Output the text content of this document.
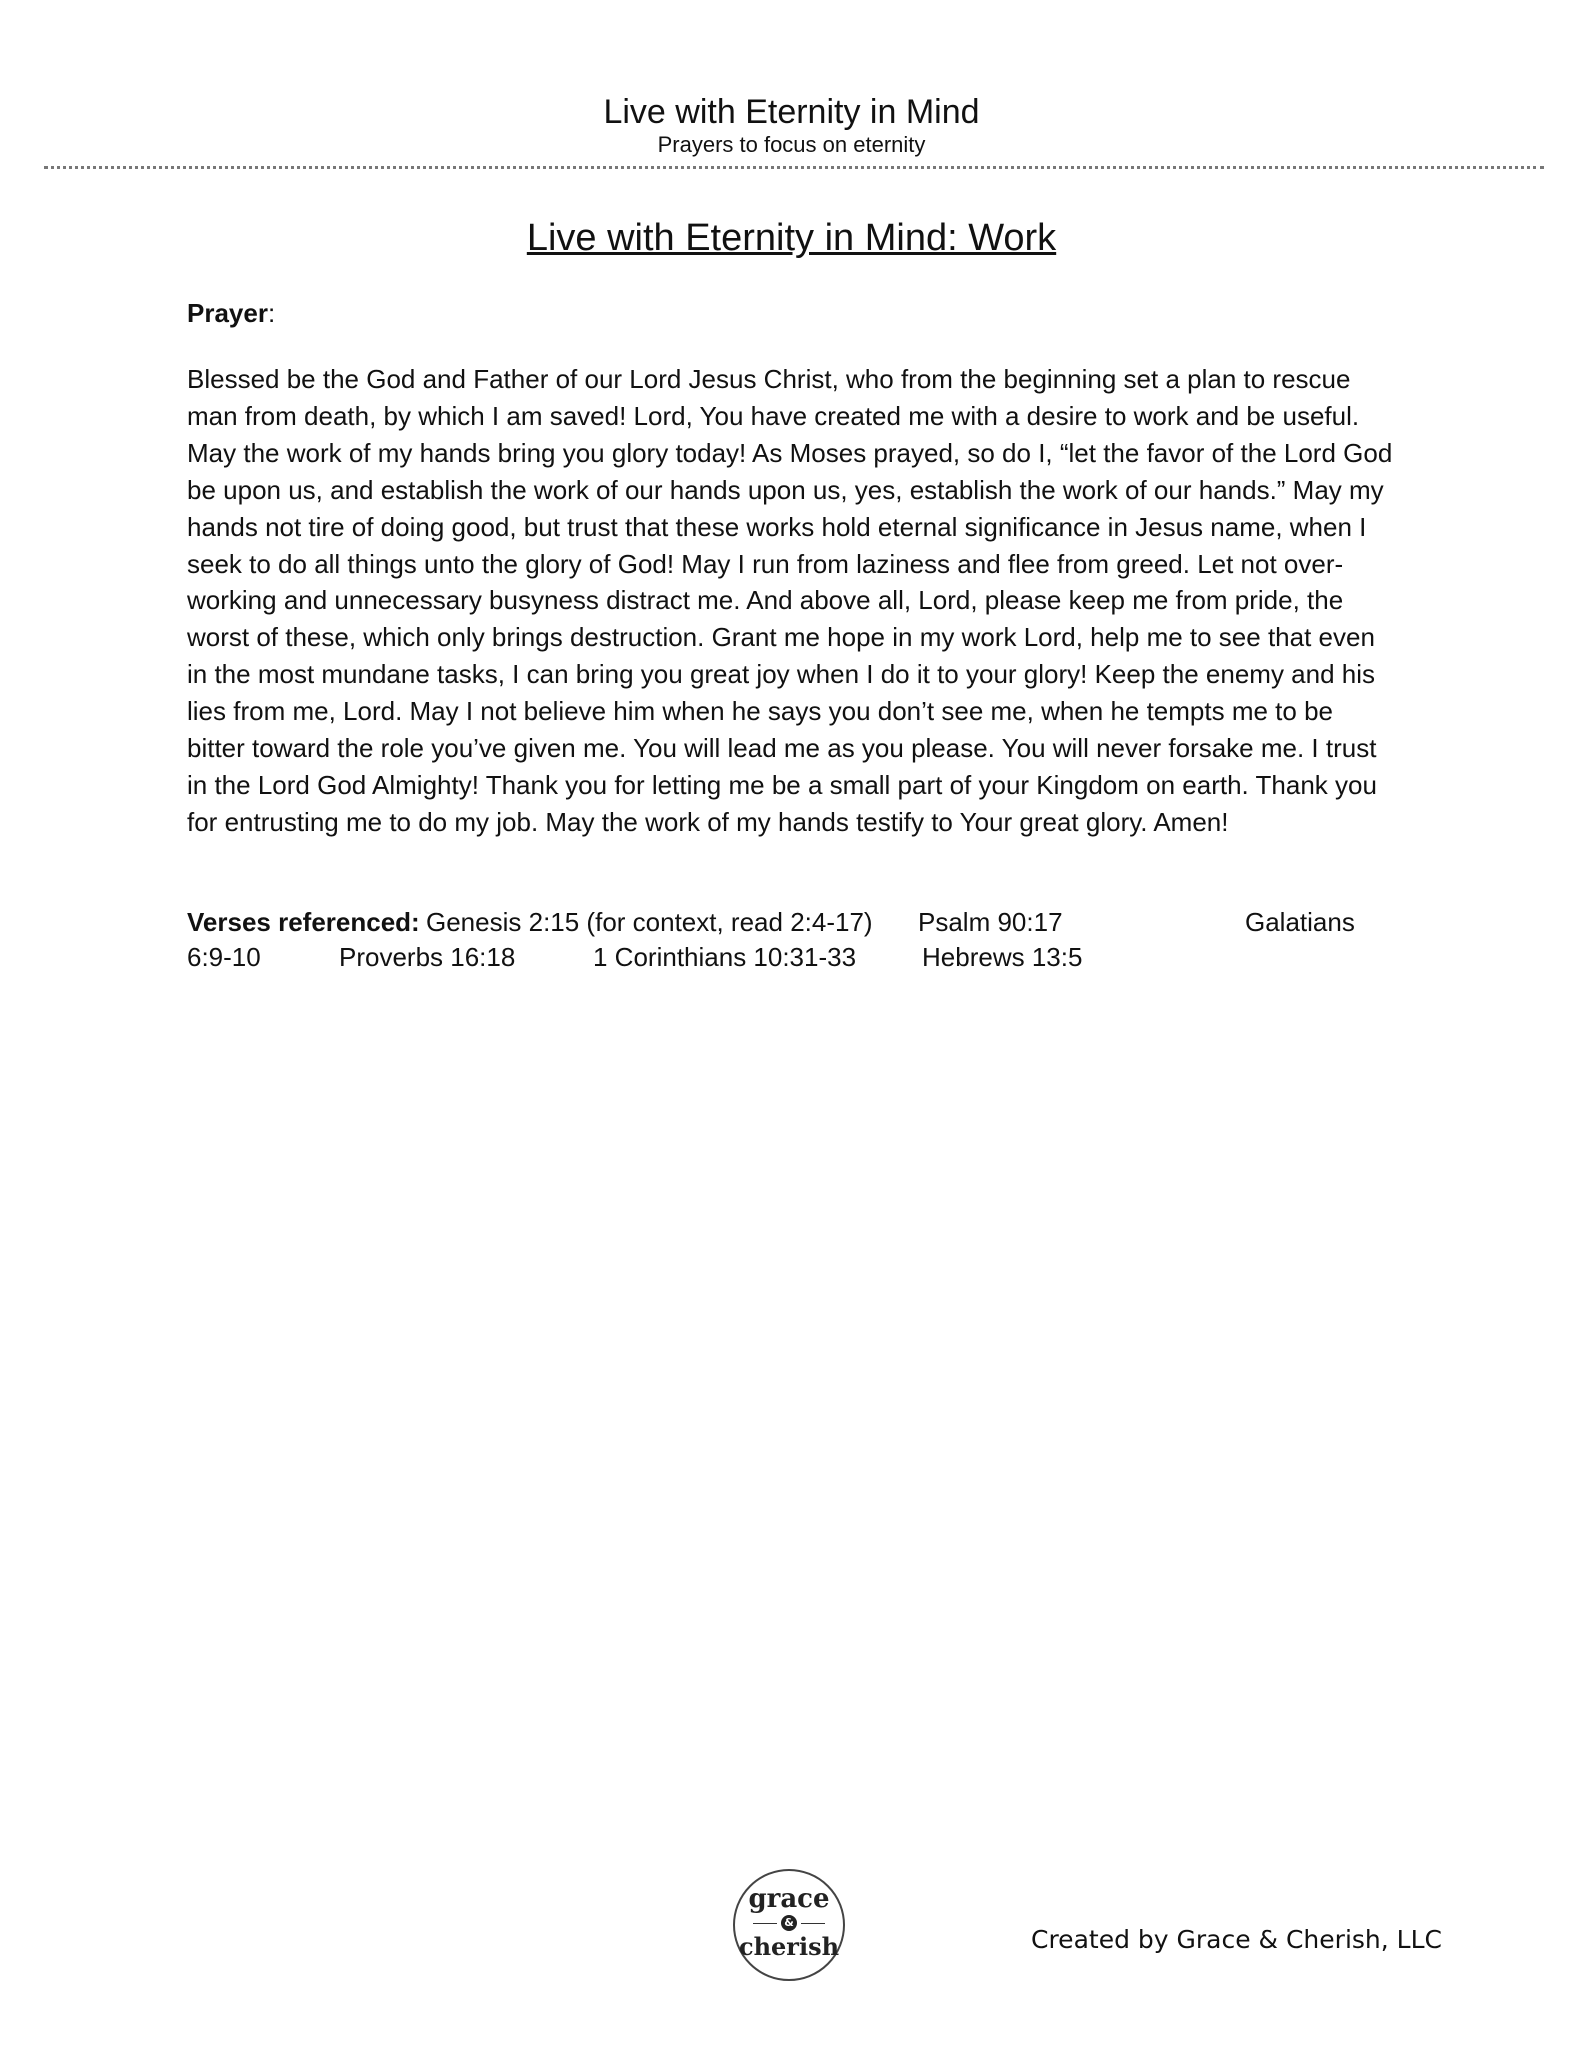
Live with Eternity in Mind
Prayers to focus on eternity
Live with Eternity in Mind: Work
Prayer:

Blessed be the God and Father of our Lord Jesus Christ, who from the beginning set a plan to rescue man from death, by which I am saved! Lord, You have created me with a desire to work and be useful. May the work of my hands bring you glory today! As Moses prayed, so do I, “let the favor of the Lord God be upon us, and establish the work of our hands upon us, yes, establish the work of our hands.” May my hands not tire of doing good, but trust that these works hold eternal significance in Jesus name, when I seek to do all things unto the glory of God! May I run from laziness and flee from greed. Let not over-working and unnecessary busyness distract me. And above all, Lord, please keep me from pride, the worst of these, which only brings destruction. Grant me hope in my work Lord, help me to see that even in the most mundane tasks, I can bring you great joy when I do it to your glory! Keep the enemy and his lies from me, Lord. May I not believe him when he says you don’t see me, when he tempts me to be bitter toward the role you’ve given me. You will lead me as you please. You will never forsake me. I trust in the Lord God Almighty! Thank you for letting me be a small part of your Kingdom on earth. Thank you for entrusting me to do my job. May the work of my hands testify to Your great glory. Amen!

Verses referenced: Genesis 2:15 (for context, read 2:4-17) Psalm 90:17	Galatians
6:9-10	Proverbs 16:18	1 Corinthians 10:31-33	Hebrews 13:5
grace
&
cherish	Created by Grace & Cherish, LLC
